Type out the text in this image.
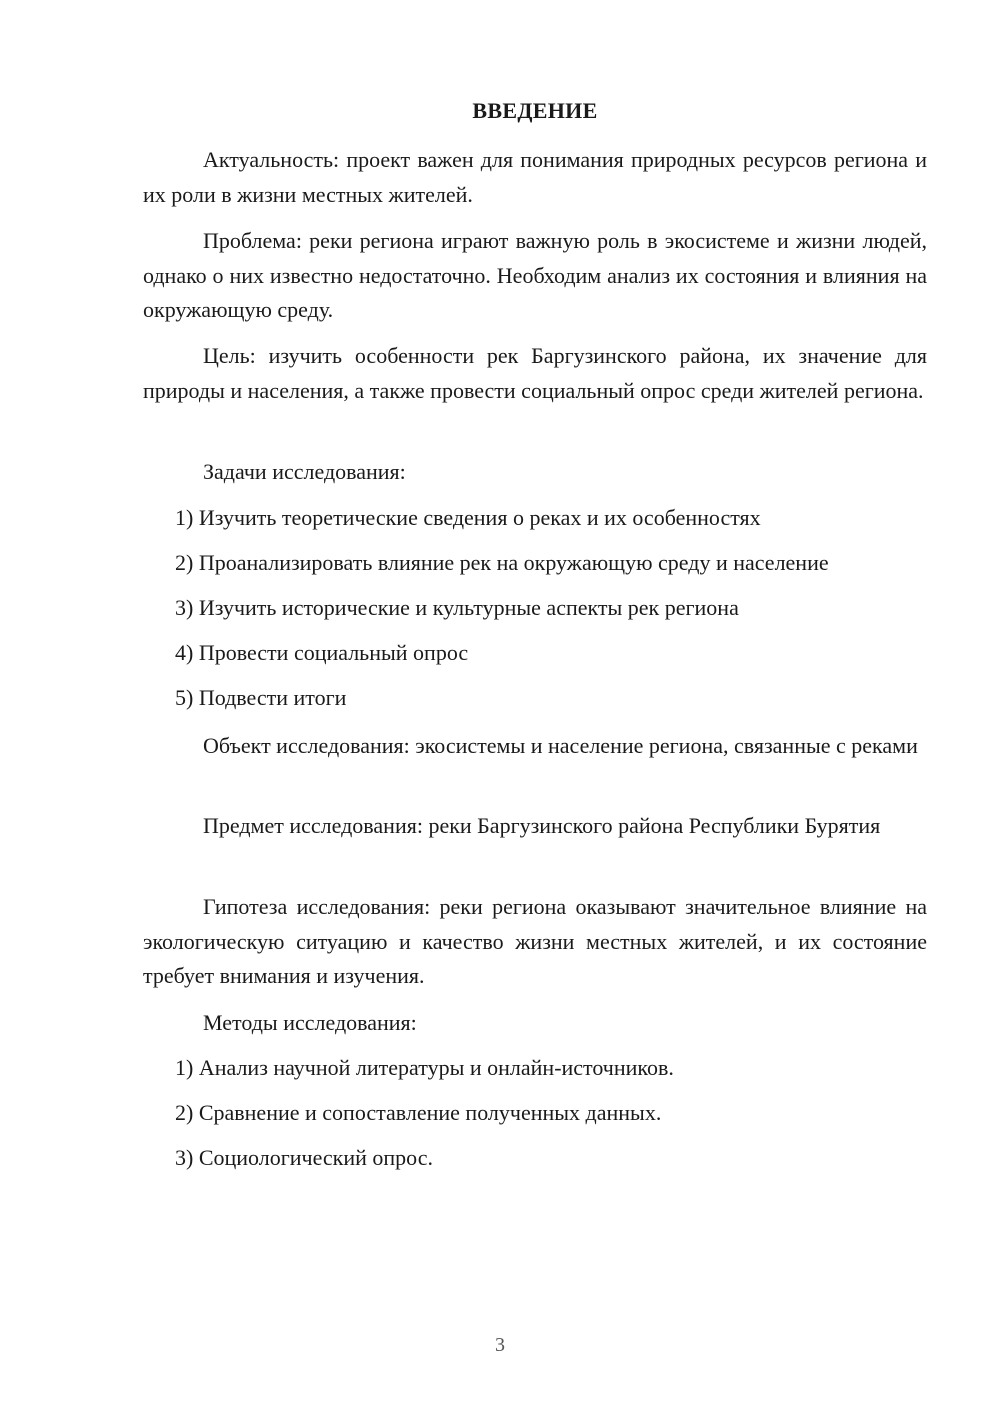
ВВЕДЕНИЕ

Актуальность: проект важен для понимания природных ресурсов региона и их роли в жизни местных жителей.

Проблема: реки региона играют важную роль в экосистеме и жизни людей, однако о них известно недостаточно. Необходим анализ их состояния и влияния на окружающую среду.

Цель: изучить особенности рек Баргузинского района, их значение для природы и населения, а также провести социальный опрос среди жителей региона.

Задачи исследования:

1) Изучить теоретические сведения о реках и их особенностях

2) Проанализировать влияние рек на окружающую среду и население

3) Изучить исторические и культурные аспекты рек региона

4) Провести социальный опрос

5) Подвести итоги

Объект исследования: экосистемы и население региона, связанные с реками

Предмет исследования: реки Баргузинского района Республики Бурятия

Гипотеза исследования: реки региона оказывают значительное влияние на экологическую ситуацию и качество жизни местных жителей, и их состояние требует внимания и изучения.

Методы исследования:

1) Анализ научной литературы и онлайн-источников.

2) Сравнение и сопоставление полученных данных.

3) Социологический опрос.

3
